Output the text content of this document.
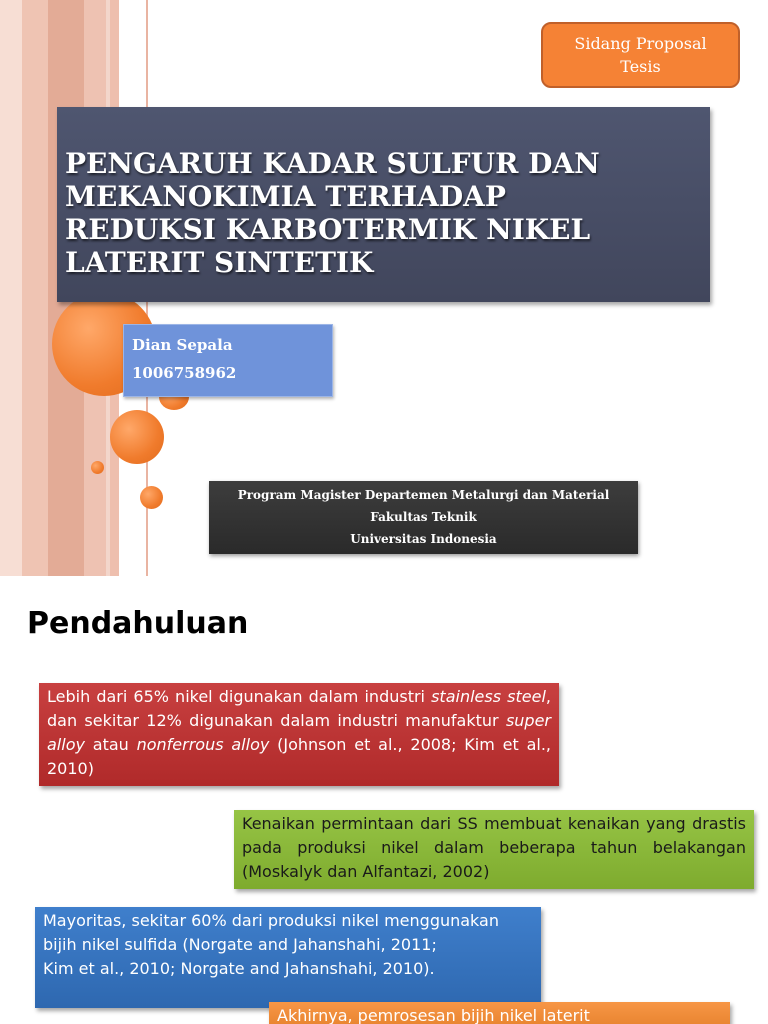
Sidang Proposal
Tesis
PENGARUH KADAR SULFUR DAN
MEKANOKIMIA TERHADAP
REDUKSI KARBOTERMIK NIKEL
LATERIT SINTETIK
Dian Sepala
1006758962
Program Magister Departemen Metalurgi dan Material
Fakultas Teknik
Universitas Indonesia
Pendahuluan

Lebih dari 65% nikel digunakan dalam industri stainless steel, dan sekitar 12% digunakan dalam industri manufaktur super alloy atau nonferrous alloy (Johnson et al., 2008; Kim et al., 2010)

Kenaikan permintaan dari SS membuat kenaikan yang drastis pada produksi nikel dalam beberapa tahun belakangan (Moskalyk dan Alfantazi, 2002)

Mayoritas, sekitar 60% dari produksi nikel menggunakan bijih nikel sulfida (Norgate and Jahanshahi, 2011;

Kim et al., 2010; Norgate and Jahanshahi, 2010).

Akhirnya, pemrosesan bijih nikel laterit
